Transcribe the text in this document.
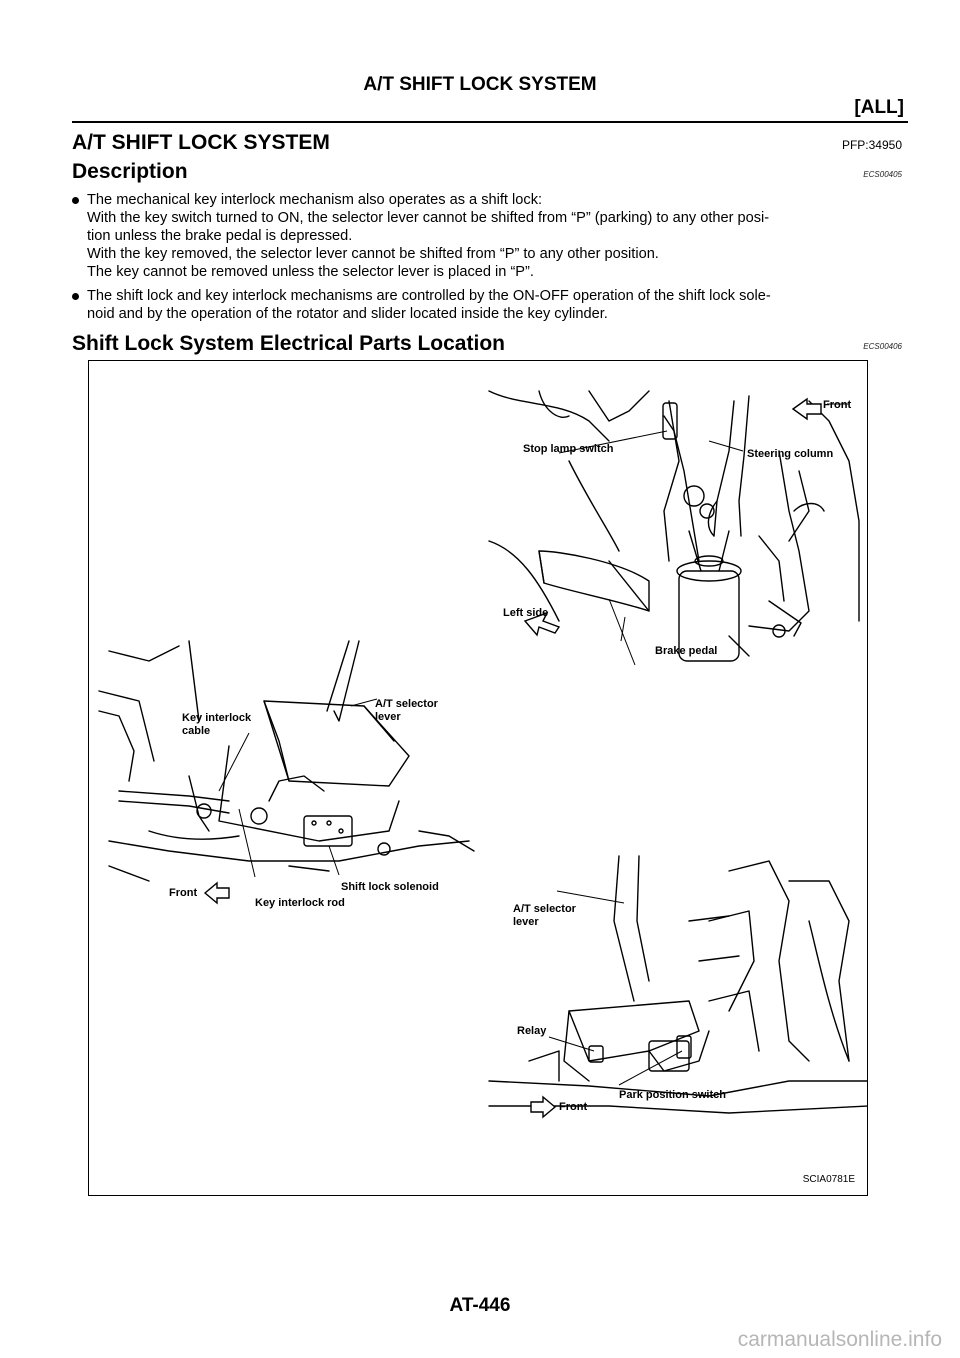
A/T SHIFT LOCK SYSTEM
[ALL]
A/T SHIFT LOCK SYSTEM	PFP:34950
Description	ECS00405
The mechanical key interlock mechanism also operates as a shift lock:
With the key switch turned to ON, the selector lever cannot be shifted from “P” (parking) to any other posi-
tion unless the brake pedal is depressed.
With the key removed, the selector lever cannot be shifted from “P” to any other position.
The key cannot be removed unless the selector lever is placed in “P”.
The shift lock and key interlock mechanisms are controlled by the ON-OFF operation of the shift lock sole-
noid and by the operation of the rotator and slider located inside the key cylinder.
Shift Lock System Electrical Parts Location	ECS00406
Front
Stop lamp switch	Steering column
Left side
Brake pedal
Key interlock
cable
A/T selector
lever
Front
Key interlock rod
Shift lock solenoid
A/T selector
lever
Relay
Front
Park position switch
SCIA0781E
AT-446
carmanualsonline.info
